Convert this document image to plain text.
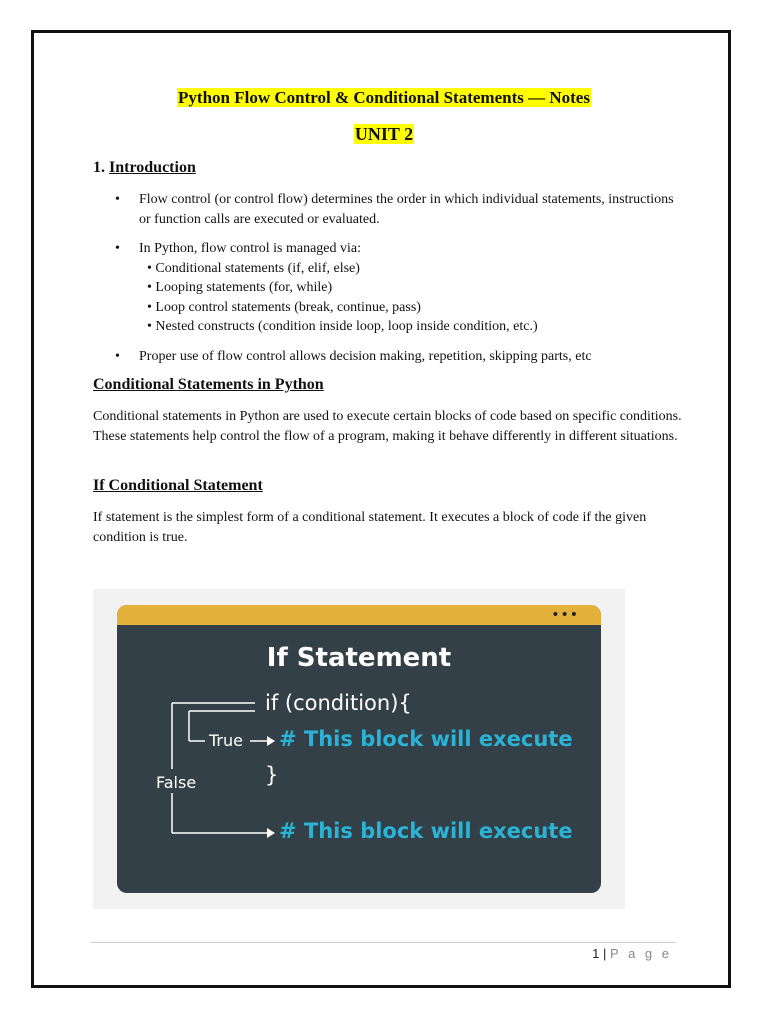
Python Flow Control & Conditional Statements — Notes
UNIT 2
1. Introduction
• Flow control (or control flow) determines the order in which individual statements, instructions or function calls are executed or evaluated.
• In Python, flow control is managed via:
• Conditional statements (if, elif, else)
• Looping statements (for, while)
• Loop control statements (break, continue, pass)
• Nested constructs (condition inside loop, loop inside condition, etc.)
• Proper use of flow control allows decision making, repetition, skipping parts, etc
Conditional Statements in Python

Conditional statements in Python are used to execute certain blocks of code based on specific conditions. These statements help control the flow of a program, making it behave differently in different situations.

If Conditional Statement

If statement is the simplest form of a conditional statement. It executes a block of code if the given condition is true.

•••
If Statement
if (condition){
True # This block will execute
}
False
# This block will execute
1 | P a g e
